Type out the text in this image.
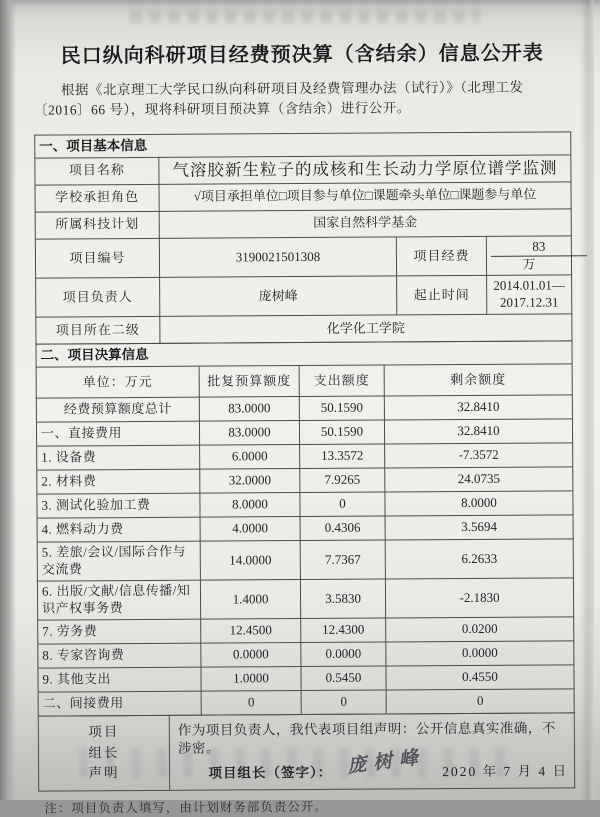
民口纵向科研项目经费预决算（含结余）信息公开表

根据《北京理工大学民口纵向科研项目及经费管理办法（试行）》（北理工发〔2016〕66 号），现将科研项目预决算（含结余）进行公开。

一、项目基本信息			
项目名称	气溶胶新生粒子的成核和生长动力学原位谱学监测		
学校承担角色	√项目承担单位□项目参与单位□课题牵头单位□课题参与单位		
所属科技计划	国家自然科学基金		
项目编号	3190021501308	项目经费	83万
项目负责人	庞树峰	起止时间	2014.01.01—2017.12.31
项目所在二级	化学化工学院		
二、项目决算信息			
单位：万元	批复预算额度	支出额度	剩余额度
经费预算额度总计	83.0000	50.1590	32.8410
一、直接费用	83.0000	50.1590	32.8410
1. 设备费	6.0000	13.3572	-7.3572
2. 材料费	32.0000	7.9265	24.0735
3. 测试化验加工费	8.0000	0	8.0000
4. 燃料动力费	4.0000	0.4306	3.5694
5. 差旅/会议/国际合作与交流费	14.0000	7.7367	6.2633
6. 出版/文献/信息传播/知识产权事务费	1.4000	3.5830	-2.1830
7. 劳务费	12.4500	12.4300	0.0200
8. 专家咨询费	0.0000	0.0000	0.0000
9. 其他支出	1.0000	0.5450	0.4550
二、间接费用	0	0	0
项目
组长
声明

作为项目负责人，我代表项目组声明：公开信息真实准确，不涉密。
项目组长（签字）： 庞树峰 2020 年 7 月 4 日

注：项目负责人填写，由计划财务部负责公开。
